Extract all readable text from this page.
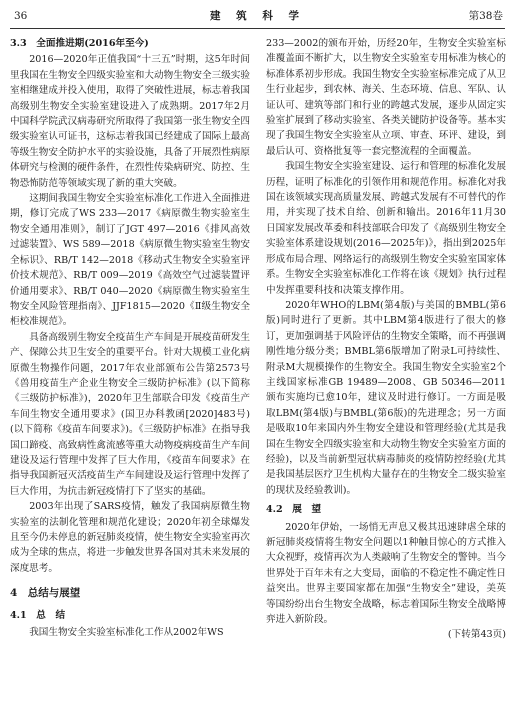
36	建 筑 科 学	第38卷
3.3　全面推进期(2016年至今)

2016—2020年正值我国“十三五”时期，这5年时间里我国在生物安全四级实验室和大动物生物安全三级实验室相继建成并投入使用，取得了突破性进展，标志着我国高级别生物安全实验室建设进入了成熟期。2017年2月中国科学院武汉病毒研究所取得了我国第一张生物安全四级实验室认可证书，这标志着我国已经建成了国际上最高等级生物安全防护水平的实验设施，具备了开展烈性病原体研究与检测的硬件条件，在烈性传染病研究、防控、生物恐怖防范等领域实现了新的重大突破。

这期间我国生物安全实验室标准化工作进入全面推进期，修订完成了WS 233—2017《病原微生物实验室生物安全通用准则》，制订了JGT 497—2016《排风高效过滤装置》、WS 589—2018《病原微生物实验室生物安全标识》、RB/T 142—2018《移动式生物安全实验室评价技术规范》、RB/T 009—2019《高效空气过滤装置评价通用要求》、RB/T 040—2020《病原微生物实验室生物安全风险管理指南》、JJF1815—2020《Ⅱ级生物安全柜校准规范》。

具备高级别生物安全疫苗生产车间是开展疫苗研发生产、保障公共卫生安全的重要平台。针对大规模工业化病原微生物操作问题，2017年农业部颁布公告第2573号《兽用疫苗生产企业生物安全三级防护标准》(以下简称《三级防护标准》)，2020年卫生部联合印发《疫苗生产车间生物安全通用要求》(国卫办科教函[2020]483号)(以下简称《疫苗车间要求》)。《三级防护标准》在指导我国口蹄疫、高致病性禽流感等重大动物疫病疫苗生产车间建设及运行管理中发挥了巨大作用，《疫苗车间要求》在指导我国新冠灭活疫苗生产车间建设及运行管理中发挥了巨大作用，为抗击新冠疫情打下了坚实的基础。

2003年出现了SARS疫情，触发了我国病原微生物实验室的法制化管理和规范化建设；2020年初全球爆发且至今仍未停息的新冠肺炎疫情，使生物安全实验室再次成为全球的焦点，将进一步触发世界各国对其未来发展的深度思考。

4　总结与展望
4.1　总　结

我国生物安全实验室标准化工作从2002年WS

233—2002的颁布开始，历经20年，生物安全实验室标准覆盖面不断扩大，以生物安全实验室专用标准为核心的标准体系初步形成。我国生物安全实验室标准完成了从卫生行业起步，到农林、海关、生态环境、信息、军队、认证认可、建筑等部门和行业的跨越式发展，逐步从固定实验室扩展到了移动实验室、各类关键防护设备等。基本实现了我国生物安全实验室从立项、审查、环评、建设，到最后认可、资格批复等一套完整流程的全面覆盖。

我国生物安全实验室建设、运行和管理的标准化发展历程，证明了标准化的引领作用和规范作用。标准化对我国在该领域实现高质量发展、跨越式发展有不可替代的作用，并实现了技术自给、创新和输出。2016年11月30日国家发展改革委和科技部联合印发了《高级别生物安全实验室体系建设规划(2016—2025年)》，指出到2025年形成布局合理、网络运行的高级别生物安全实验室国家体系。生物安全实验室标准化工作将在该《规划》执行过程中发挥重要科技和决策支撑作用。

2020年WHO的LBM(第4版)与美国的BMBL(第6版)同时进行了更新。其中LBM第4版进行了很大的修订，更加强调基于风险评估的生物安全策略，而不再强调刚性地分级分类；BMBL第6版增加了附录L可持续性、附录M大规模操作的生物安全。我国生物安全实验室2个主线国家标准GB 19489—2008、GB 50346—2011颁布实施均已愈10年，建议及时进行修订。一方面是吸取LBM(第4版)与BMBL(第6版)的先进理念；另一方面是吸取10年来国内外生物安全建设和管理经验(尤其是我国在生物安全四级实验室和大动物生物安全实验室方面的经验)，以及当前新型冠状病毒肺炎的疫情防控经验(尤其是我国基层医疗卫生机构大量存在的生物安全二级实验室的现状及经验教训)。

4.2　展　望

2020年伊始，一场悄无声息又极其迅速肆虐全球的新冠肺炎疫情将生物安全问题以1种触目惊心的方式推入大众视野，疫情再次为人类敲响了生物安全的警钟。当今世界处于百年未有之大变局，面临的不稳定性不确定性日益突出。世界主要国家都在加强“生物安全”建设，美英等国纷纷出台生物安全战略，标志着国际生物安全战略博弈进入新阶段。

(下转第43页)
